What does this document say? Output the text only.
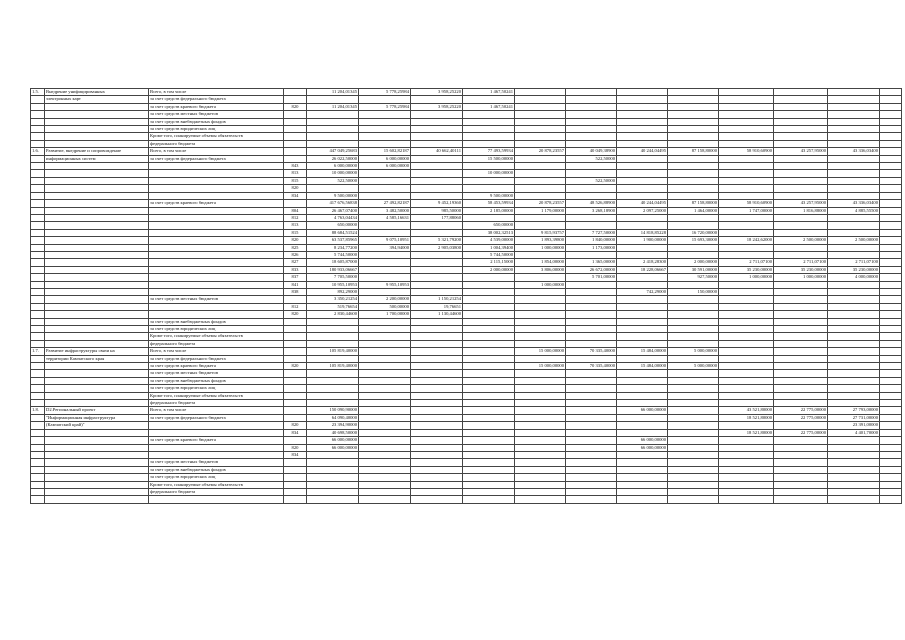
1.5.	Внедрение унифицированных	Всего, в том числе		11 204,01345	5 778,25984	3 958,25220	1 467,50241								
	электронных карт	за счет средств федерального бюджета													
		за счет средств краевого бюджета	820	11 204,01345	5 778,25984	3 958,25220	1 467,50241								
		за счет средств местных бюджетов													
		за счет средств внебюджетных фондов													
		за счет средств юридических лиц													
		Кроме того, планируемые объемы обязательств													
		федерального бюджета													
1.6.	Развитие, внедрение и сопровождение	Всего, в том числе		447 049,25683	15 602,82187	40 662,40111	77 493,59934	20 878,23557	40 049,38900	40 244,04495	87 158,80000	58 910,60900	43 257,95000	43 336,03400	
	информационных систем	за счет средств федерального бюджета		26 022,50000	6 000,00000		15 500,00000		522,50000						
			843	6 000,00000	6 000,00000										
			813	10 000,00000			10 000,00000								
			815	522,50000					522,50000						
			820												
			834	9 500,00000			9 500,00000								
		за счет средств краевого бюджета		417 676,56838	27 492,82187	9 452,19360	58 453,59934	20 878,23557	48 526,88900	40 244,04495	87 158,80000	58 910,60900	43 257,95000	43 336,03400	
			804	26 467,07400	3 482,50000	985,50000	2 185,00000	1 179,00000	3 268,18900	2 097,25000	1 464,00000	1 747,00000	1 816,88000	4 885,55500	
			812	4 763,04434	4 585,16631	177,88060									
			813	650,00000			650,00000								
			815	88 684,51524			38 002,32513	9 815,93757	7 727,50000	14 818,85228	16 720,00000				
			820	63 537,85965	9 075,10951	5 321,79200	4 539,00000	1 893,39800	1 840,00000	1 900,00000	15 693,30000	18 242,62000	2 500,00000	2 500,00000	
			825	8 234,77200	394,94000	2 905,03800	1 004,39400	1 000,00000	1 173,00000						
			826	5 744,50000			5 744,50000								
			827	18 605,87000			2 115,15000	1 854,00000	1 365,00000	2 418,28300	2 000,00000	2 711,07100	2 711,07100	2 711,07100	
			833	180 933,06667			2 000,00000	3 806,00000	26 672,00000	18 228,06667	30 591,00000	35 230,00000	35 230,00000	35 230,00000	
			837	7 705,50000					5 701,00000		927,50000	1 000,00000	1 000,00000	4 000,00000	
			841	10 955,10953	9 955,10953			1 000,00000							
			838	892,29000						742,29000	150,00000				
		за счет средств местных бюджетов		3 350,21254	2 200,00000	1 150,21254									
			812	519,76654	500,00000	19,76651									
			820	2 830,44600	1 700,00000	1 130,44600									
		за счет средств внебюджетных фондов													
		за счет средств юридических лиц													
		Кроме того, планируемые объемы обязательств													
		федерального бюджета													
1.7.	Развитие инфраструктуры связи на	Всего, в том числе		105 819,40000				15 000,00000	70 335,40000	15 484,00000	5 000,00000				
	территории Камчатского края	за счет средств федерального бюджета													
		за счет средств краевого бюджета	820	105 819,40000				15 000,00000	70 335,40000	15 484,00000	5 000,00000				
		за счет средств местных бюджетов													
		за счет средств внебюджетных фондов													
		за счет средств юридических лиц													
		Кроме того, планируемые объемы обязательств													
		федерального бюджета													
1.8.	D2.Региональный проект	Всего, в том числе		150 090,90000						66 000,00000		43 521,80000	22 775,00000	27 793,00000	
	"Информационная инфраструктура	за счет средств федерального бюджета		64 090,40000								18 521,80000	22 775,00000	27 731,00000	
	(Камчатский край)"		820	23 394,90000										23 391,00000	
			834	40 698,50000								18 521,80000	22 775,00000	4 401,70000	
		за счет средств краевого бюджета		66 000,00000						66 000,00000					
			820	66 000,00000						66 000,00000					
			834												
		за счет средств местных бюджетов													
		за счет средств внебюджетных фондов													
		за счет средств юридических лиц													
		Кроме того, планируемые объемы обязательств													
		федерального бюджета													
